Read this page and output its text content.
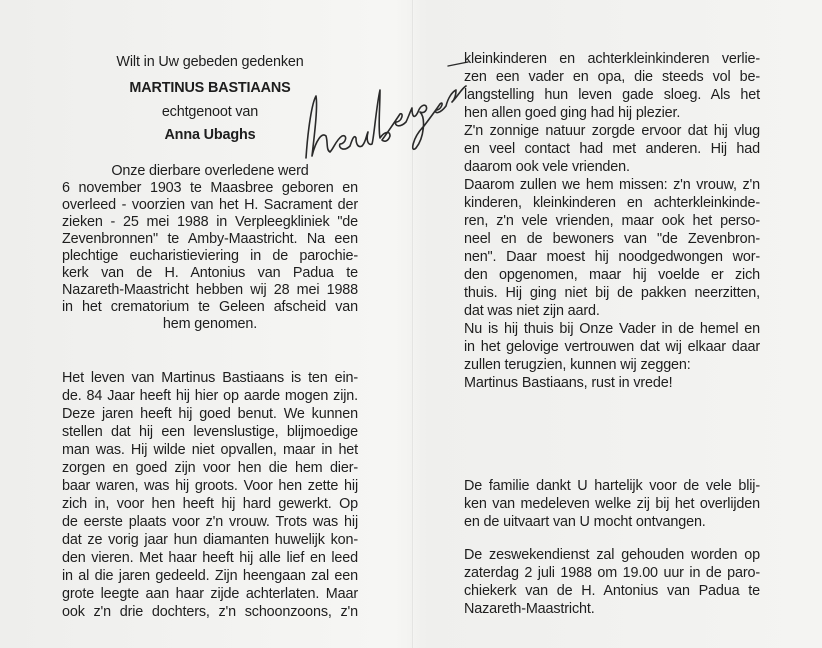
Wilt in Uw gebeden gedenken
MARTINUS BASTIAANS
echtgenoot van
Anna Ubaghs
Onze dierbare overledene werd
6 november 1903 te Maasbree geboren en
overleed - voorzien van het H. Sacrament der
zieken - 25 mei 1988 in Verpleegkliniek "de
Zevenbronnen" te Amby-Maastricht. Na een
plechtige eucharistieviering in de parochie-
kerk van de H. Antonius van Padua te
Nazareth-Maastricht hebben wij 28 mei 1988
in het crematorium te Geleen afscheid van
hem genomen.
Het leven van Martinus Bastiaans is ten ein-
de. 84 Jaar heeft hij hier op aarde mogen zijn.
Deze jaren heeft hij goed benut. We kunnen
stellen dat hij een levenslustige, blijmoedige
man was. Hij wilde niet opvallen, maar in het
zorgen en goed zijn voor hen die hem dier-
baar waren, was hij groots. Voor hen zette hij
zich in, voor hen heeft hij hard gewerkt. Op
de eerste plaats voor z'n vrouw. Trots was hij
dat ze vorig jaar hun diamanten huwelijk kon-
den vieren. Met haar heeft hij alle lief en leed
in al die jaren gedeeld. Zijn heengaan zal een
grote leegte aan haar zijde achterlaten. Maar
ook z'n drie dochters, z'n schoonzoons, z'n
kleinkinderen en achterkleinkinderen verlie-
zen een vader en opa, die steeds vol be-
langstelling hun leven gade sloeg. Als het
hen allen goed ging had hij plezier.
Z'n zonnige natuur zorgde ervoor dat hij vlug
en veel contact had met anderen. Hij had
daarom ook vele vrienden.
Daarom zullen we hem missen: z'n vrouw, z'n
kinderen, kleinkinderen en achterkleinkinde-
ren, z'n vele vrienden, maar ook het perso-
neel en de bewoners van "de Zevenbron-
nen". Daar moest hij noodgedwongen wor-
den opgenomen, maar hij voelde er zich
thuis. Hij ging niet bij de pakken neerzitten,
dat was niet zijn aard.
Nu is hij thuis bij Onze Vader in de hemel en
in het gelovige vertrouwen dat wij elkaar daar
zullen terugzien, kunnen wij zeggen:
Martinus Bastiaans, rust in vrede!
De familie dankt U hartelijk voor de vele blij-
ken van medeleven welke zij bij het overlijden
en de uitvaart van U mocht ontvangen.
De zeswekendienst zal gehouden worden op
zaterdag 2 juli 1988 om 19.00 uur in de paro-
chiekerk van de H. Antonius van Padua te
Nazareth-Maastricht.
